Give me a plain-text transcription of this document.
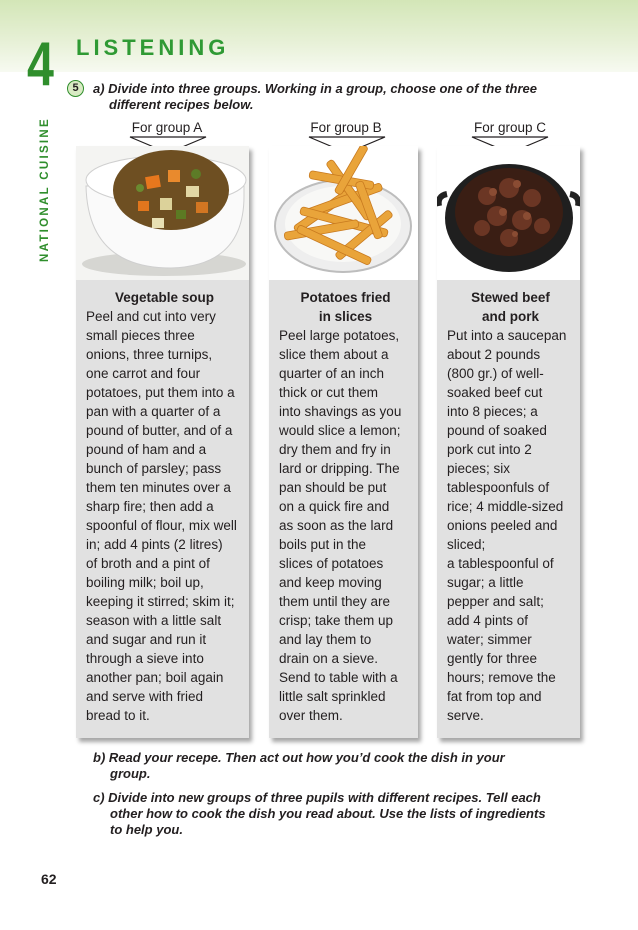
4 LISTENING
NATIONAL CUISINE
5	a) Divide into three groups. Working in a group, choose one of the three
different recipes below.
For group A	For group B	For group C
Vegetable soup
Peel and cut into very
small pieces three
onions, three turnips,
one carrot and four
potatoes, put them into a
pan with a quarter of a
pound of butter, and of a
pound of ham and a
bunch of parsley; pass
them ten minutes over a
sharp fire; then add a
spoonful of flour, mix well
in; add 4 pints (2 litres)
of broth and a pint of
boiling milk; boil up,
keeping it stirred; skim it;
season with a little salt
and sugar and run it
through a sieve into
another pan; boil again
and serve with fried
bread to it.
Potatoes fried
in slices
Peel large potatoes,
slice them about a
quarter of an inch
thick or cut them
into shavings as you
would slice a lemon;
dry them and fry in
lard or dripping. The
pan should be put
on a quick fire and
as soon as the lard
boils put in the
slices of potatoes
and keep moving
them until they are
crisp; take them up
and lay them to
drain on a sieve.
Send to table with a
little salt sprinkled
over them.
Stewed beef
and pork
Put into a saucepan
about 2 pounds
(800 gr.) of well-
soaked beef cut
into 8 pieces; a
pound of soaked
pork cut into 2
pieces; six
tablespoonfuls of
rice; 4 middle-sized
onions peeled and
sliced;
a tablespoonful of
sugar; a little
pepper and salt;
add 4 pints of
water; simmer
gently for three
hours; remove the
fat from top and
serve.
b) Read your recepe. Then act out how you’d cook the dish in your
group.
c) Divide into new groups of three pupils with different recipes. Tell each
other how to cook the dish you read about. Use the lists of ingredients
to help you.
62
